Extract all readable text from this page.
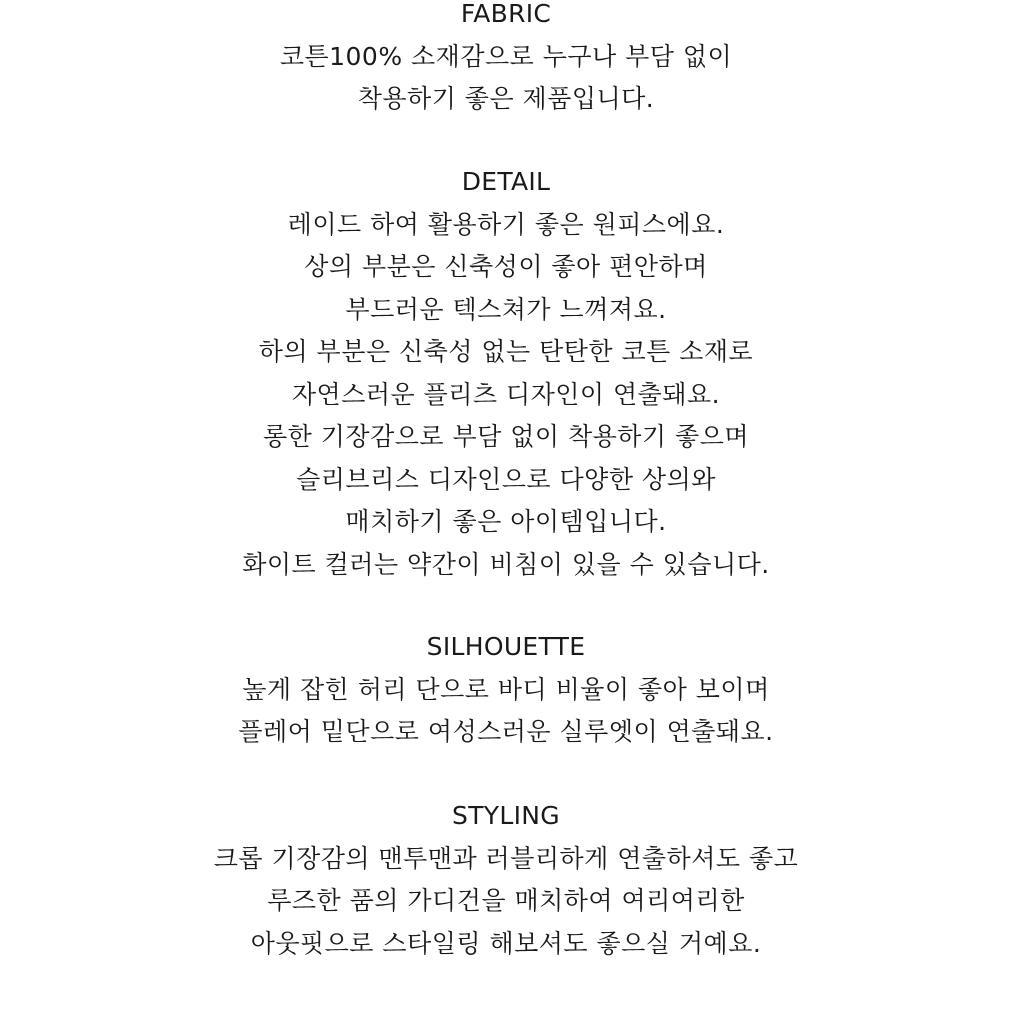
FABRIC
코튼100% 소재감으로 누구나 부담 없이
착용하기 좋은 제품입니다.
DETAIL
레이드 하여 활용하기 좋은 원피스에요.
상의 부분은 신축성이 좋아 편안하며
부드러운 텍스쳐가 느껴져요.
하의 부분은 신축성 없는 탄탄한 코튼 소재로
자연스러운 플리츠 디자인이 연출돼요.
롱한 기장감으로 부담 없이 착용하기 좋으며
슬리브리스 디자인으로 다양한 상의와
매치하기 좋은 아이템입니다.
화이트 컬러는 약간이 비침이 있을 수 있습니다.
SILHOUETTE
높게 잡힌 허리 단으로 바디 비율이 좋아 보이며
플레어 밑단으로 여성스러운 실루엣이 연출돼요.
STYLING
크롭 기장감의 맨투맨과 러블리하게 연출하셔도 좋고
루즈한 품의 가디건을 매치하여 여리여리한
아웃핏으로 스타일링 해보셔도 좋으실 거예요.
